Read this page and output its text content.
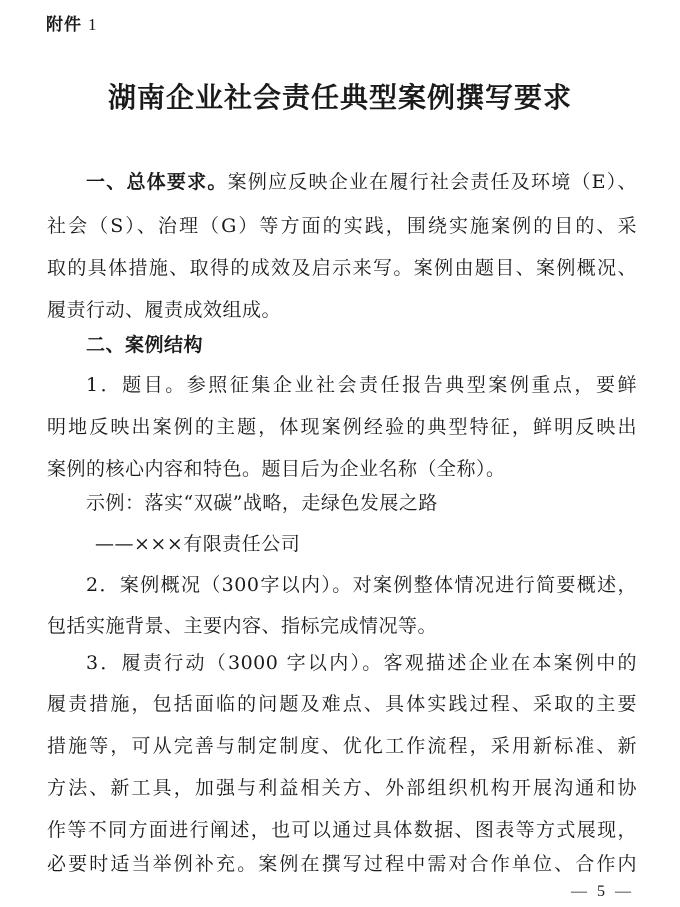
附件 1
湖南企业社会责任典型案例撰写要求
一、总体要求。案例应反映企业在履行社会责任及环境（E）、
社会（S）、治理（G）等方面的实践，围绕实施案例的目的、采
取的具体措施、取得的成效及启示来写。案例由题目、案例概况、
履责行动、履责成效组成。
二、案例结构
1．题目。参照征集企业社会责任报告典型案例重点，要鲜
明地反映出案例的主题，体现案例经验的典型特征，鲜明反映出
案例的核心内容和特色。题目后为企业名称（全称）。
示例：落实“双碳”战略，走绿色发展之路
——×××有限责任公司
2．案例概况（300字以内）。对案例整体情况进行简要概述，
包括实施背景、主要内容、指标完成情况等。
3．履责行动（3000 字以内）。客观描述企业在本案例中的
履责措施，包括面临的问题及难点、具体实践过程、采取的主要
措施等，可从完善与制定制度、优化工作流程，采用新标准、新
方法、新工具，加强与利益相关方、外部组织机构开展沟通和协
作等不同方面进行阐述，也可以通过具体数据、图表等方式展现，
必要时适当举例补充。案例在撰写过程中需对合作单位、合作内
— 5 —
